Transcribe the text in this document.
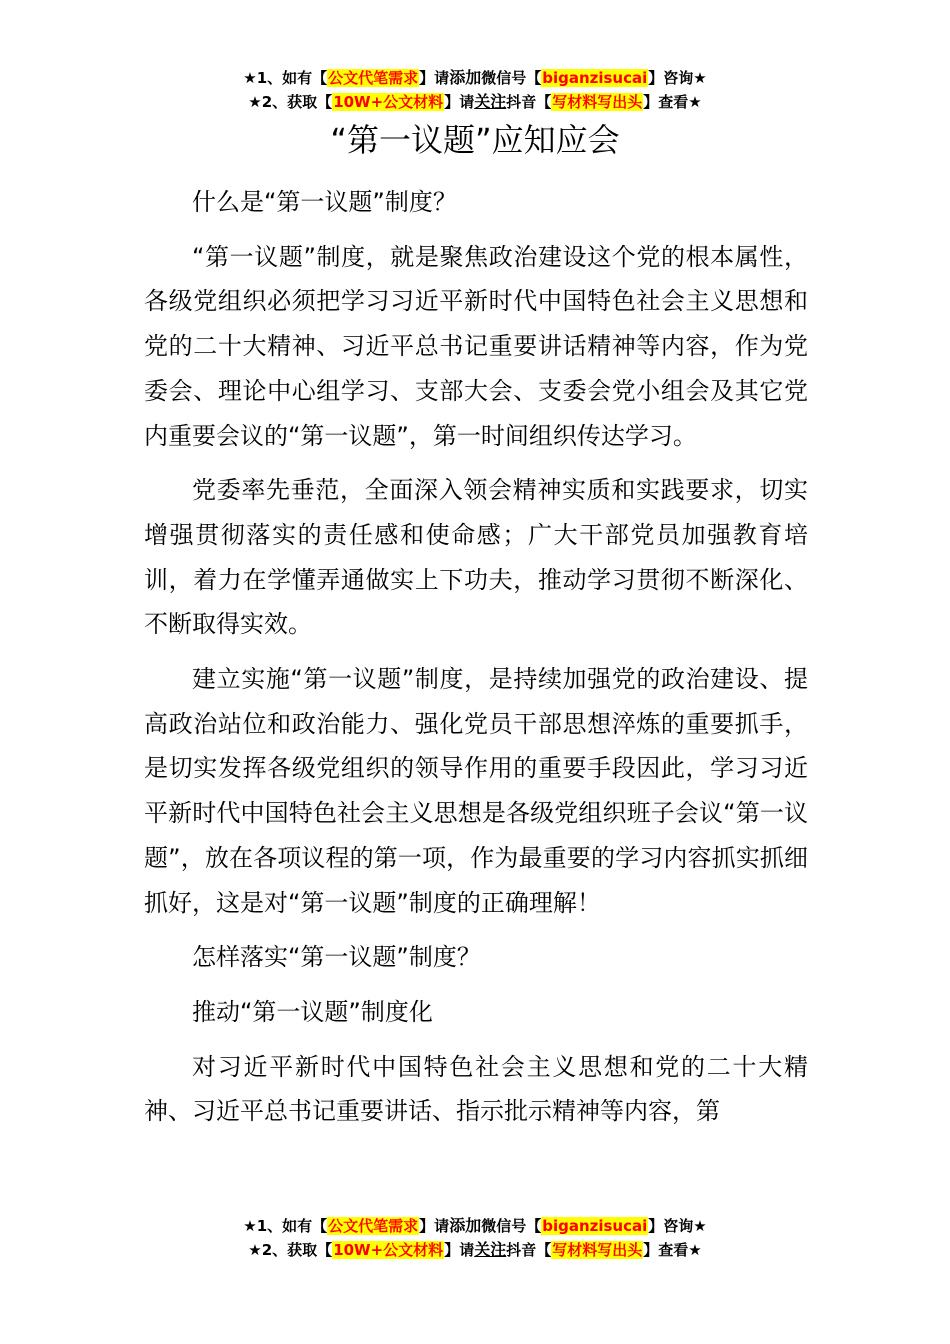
★1、如有【公文代笔需求】请添加微信号【biganzisucai】咨询★
★2、获取【10W+公文材料】请关注抖音【写材料写出头】查看★
“第一议题”应知应会

什么是“第一议题”制度？

“第一议题”制度，就是聚焦政治建设这个党的根本属性，各级党组织必须把学习习近平新时代中国特色社会主义思想和党的二十大精神、习近平总书记重要讲话精神等内容，作为党委会、理论中心组学习、支部大会、支委会党小组会及其它党内重要会议的“第一议题”，第一时间组织传达学习。

党委率先垂范，全面深入领会精神实质和实践要求，切实增强贯彻落实的责任感和使命感；广大干部党员加强教育培训，着力在学懂弄通做实上下功夫，推动学习贯彻不断深化、不断取得实效。

建立实施“第一议题”制度，是持续加强党的政治建设、提高政治站位和政治能力、强化党员干部思想淬炼的重要抓手，是切实发挥各级党组织的领导作用的重要手段因此，学习习近平新时代中国特色社会主义思想是各级党组织班子会议“第一议题”，放在各项议程的第一项，作为最重要的学习内容抓实抓细抓好，这是对“第一议题”制度的正确理解！

怎样落实“第一议题”制度？

推动“第一议题”制度化

对习近平新时代中国特色社会主义思想和党的二十大精神、习近平总书记重要讲话、指示批示精神等内容，第

★1、如有【公文代笔需求】请添加微信号【biganzisucai】咨询★
★2、获取【10W+公文材料】请关注抖音【写材料写出头】查看★
